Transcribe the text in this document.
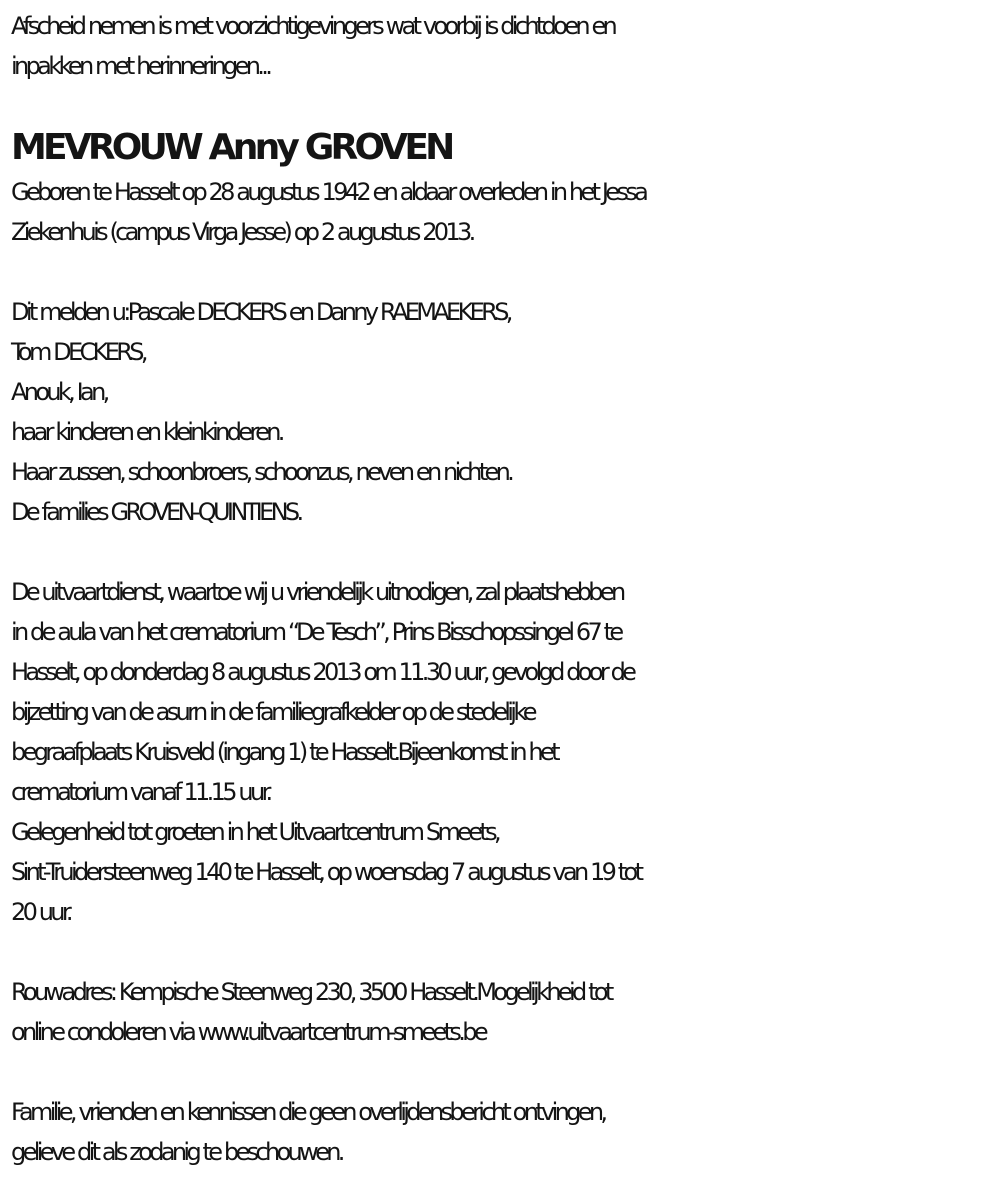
Afscheid nemen is met voorzichtigevingers wat voorbij is dichtdoen en
inpakken met herinneringen...
MEVROUW Anny GROVEN
Geboren te Hasselt op 28 augustus 1942 en aldaar overleden in het Jessa
Ziekenhuis (campus Virga Jesse) op 2 augustus 2013.
Dit melden u:Pascale DECKERS en Danny RAEMAEKERS,
Tom DECKERS,
Anouk, Ian,
haar kinderen en kleinkinderen.
Haar zussen, schoonbroers, schoonzus, neven en nichten.
De families GROVEN-QUINTIENS.
De uitvaartdienst, waartoe wij u vriendelijk uitnodigen, zal plaatshebben
in de aula van het crematorium “De Tesch”, Prins Bisschopssingel 67 te
Hasselt, op donderdag 8 augustus 2013 om 11.30 uur, gevolgd door de
bijzetting van de asurn in de familiegrafkelder op de stedelijke
begraafplaats Kruisveld (ingang 1) te Hasselt.Bijeenkomst in het
crematorium vanaf 11.15 uur.
Gelegenheid tot groeten in het Uitvaartcentrum Smeets,
Sint-Truidersteenweg 140 te Hasselt, op woensdag 7 augustus van 19 tot
20 uur.
Rouwadres: Kempische Steenweg 230, 3500 Hasselt.Mogelijkheid tot
online condoleren via www.uitvaartcentrum-smeets.be
Familie, vrienden en kennissen die geen overlijdensbericht ontvingen,
gelieve dit als zodanig te beschouwen.
